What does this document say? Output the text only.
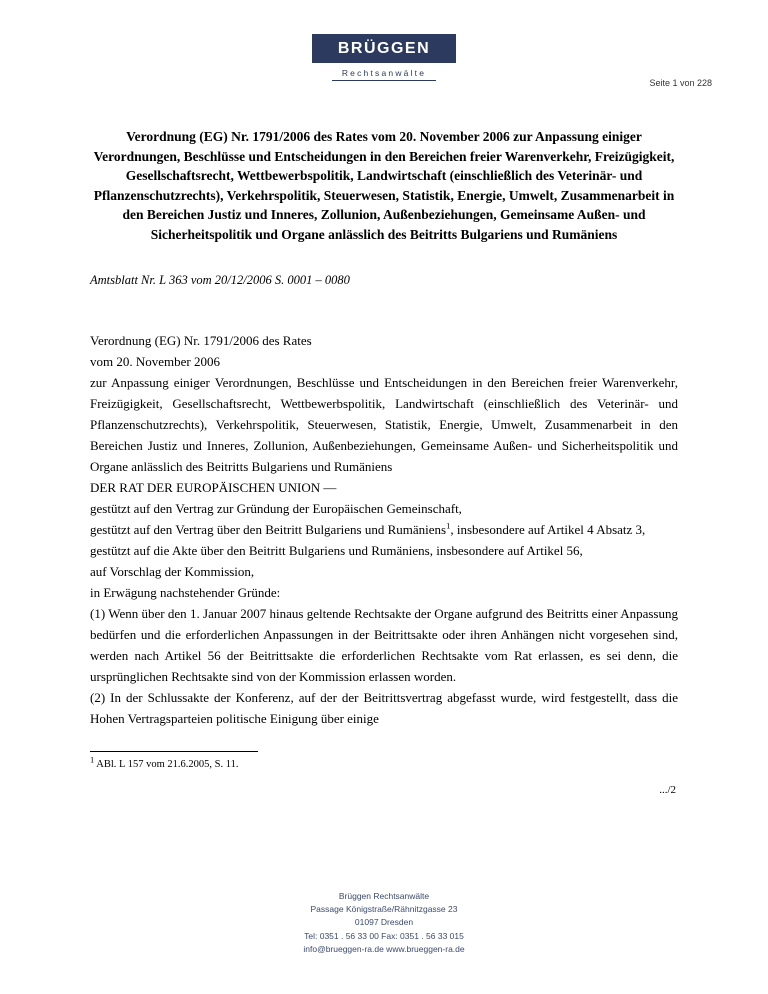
BRÜGGEN
Rechtsanwälte
Seite 1 von 228
Verordnung (EG) Nr. 1791/2006 des Rates vom 20. November 2006 zur Anpassung einiger Verordnungen, Beschlüsse und Entscheidungen in den Bereichen freier Warenverkehr, Freizügigkeit, Gesellschaftsrecht, Wettbewerbspolitik, Landwirtschaft (einschließlich des Veterinär- und Pflanzenschutzrechts), Verkehrspolitik, Steuerwesen, Statistik, Energie, Umwelt, Zusammenarbeit in den Bereichen Justiz und Inneres, Zollunion, Außenbeziehungen, Gemeinsame Außen- und Sicherheitspolitik und Organe anlässlich des Beitritts Bulgariens und Rumäniens

Amtsblatt Nr. L 363 vom 20/12/2006 S. 0001 – 0080

Verordnung (EG) Nr. 1791/2006 des Rates

vom 20. November 2006

zur Anpassung einiger Verordnungen, Beschlüsse und Entscheidungen in den Bereichen freier Warenverkehr, Freizügigkeit, Gesellschaftsrecht, Wettbewerbspolitik, Landwirtschaft (einschließlich des Veterinär- und Pflanzenschutzrechts), Verkehrspolitik, Steuerwesen, Statistik, Energie, Umwelt, Zusammenarbeit in den Bereichen Justiz und Inneres, Zollunion, Außenbeziehungen, Gemeinsame Außen- und Sicherheitspolitik und Organe anlässlich des Beitritts Bulgariens und Rumäniens

DER RAT DER EUROPÄISCHEN UNION —

gestützt auf den Vertrag zur Gründung der Europäischen Gemeinschaft,

gestützt auf den Vertrag über den Beitritt Bulgariens und Rumäniens$^1$, insbesondere auf Artikel 4 Absatz 3,

gestützt auf die Akte über den Beitritt Bulgariens und Rumäniens, insbesondere auf Artikel 56,

auf Vorschlag der Kommission,

in Erwägung nachstehender Gründe:

(1) Wenn über den 1. Januar 2007 hinaus geltende Rechtsakte der Organe aufgrund des Beitritts einer Anpassung bedürfen und die erforderlichen Anpassungen in der Beitrittsakte oder ihren Anhängen nicht vorgesehen sind, werden nach Artikel 56 der Beitrittsakte die erforderlichen Rechtsakte vom Rat erlassen, es sei denn, die ursprünglichen Rechtsakte sind von der Kommission erlassen worden.

(2) In der Schlussakte der Konferenz, auf der der Beitrittsvertrag abgefasst wurde, wird festgestellt, dass die Hohen Vertragsparteien politische Einigung über einige

$^1$ ABl. L 157 vom 21.6.2005, S. 11.

.../2
Brüggen Rechtsanwälte
Passage Königstraße/Rähnitzgasse 23
01097 Dresden
Tel: 0351 . 56 33 00 Fax: 0351 . 56 33 015
info@brueggen-ra.de www.brueggen-ra.de
